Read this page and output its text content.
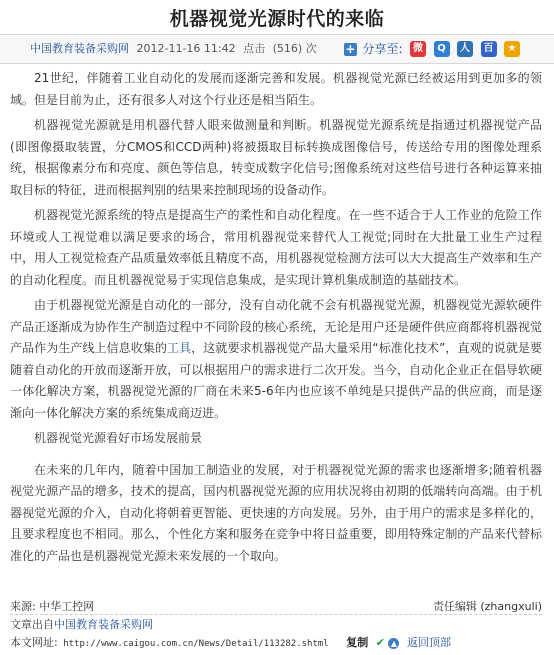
机器视觉光源时代的来临
中国教育装备采购网 2012-11-16 11:42 点击 (516) 次 + 分享至: 微 Q 人 百 ★

21世纪，伴随着工业自动化的发展而逐渐完善和发展。机器视觉光源已经被运用到更加多的领域。但是目前为止，还有很多人对这个行业还是相当陌生。

机器视觉光源就是用机器代替人眼来做测量和判断。机器视觉光源系统是指通过机器视觉产品(即图像摄取装置，分CMOS和CCD两种)将被摄取目标转换成图像信号，传送给专用的图像处理系统，根据像素分布和亮度、颜色等信息，转变成数字化信号;图像系统对这些信号进行各种运算来抽取目标的特征，进而根据判别的结果来控制现场的设备动作。

机器视觉光源系统的特点是提高生产的柔性和自动化程度。在一些不适合于人工作业的危险工作环境或人工视觉难以满足要求的场合，常用机器视觉来替代人工视觉;同时在大批量工业生产过程中，用人工视觉检查产品质量效率低且精度不高，用机器视觉检测方法可以大大提高生产效率和生产的自动化程度。而且机器视觉易于实现信息集成，是实现计算机集成制造的基础技术。

由于机器视觉光源是自动化的一部分，没有自动化就不会有机器视觉光源，机器视觉光源软硬件产品正逐渐成为协作生产制造过程中不同阶段的核心系统，无论是用户还是硬件供应商都将机器视觉产品作为生产线上信息收集的工具，这就要求机器视觉产品大量采用“标准化技术”，直观的说就是要随着自动化的开放而逐渐开放，可以根据用户的需求进行二次开发。当今，自动化企业正在倡导软硬一体化解决方案，机器视觉光源的厂商在未来5-6年内也应该不单纯是只提供产品的供应商，而是逐渐向一体化解决方案的系统集成商迈进。

机器视觉光源看好市场发展前景

在未来的几年内，随着中国加工制造业的发展，对于机器视觉光源的需求也逐渐增多;随着机器视觉光源产品的增多，技术的提高，国内机器视觉光源的应用状况将由初期的低端转向高端。由于机器视觉光源的介入，自动化将朝着更智能、更快速的方向发展。另外，由于用户的需求是多样化的，且要求程度也不相同。那么，个性化方案和服务在竞争中将日益重要，即用特殊定制的产品来代替标准化的产品也是机器视觉光源未来发展的一个取向。

来源: 中华工控网	责任编辑 (zhangxuli)
文章出自中国教育装备采购网
本文网址: http://www.caigou.com.cn/News/Detail/113282.shtml 复制 ✔ ▲ 返回顶部
